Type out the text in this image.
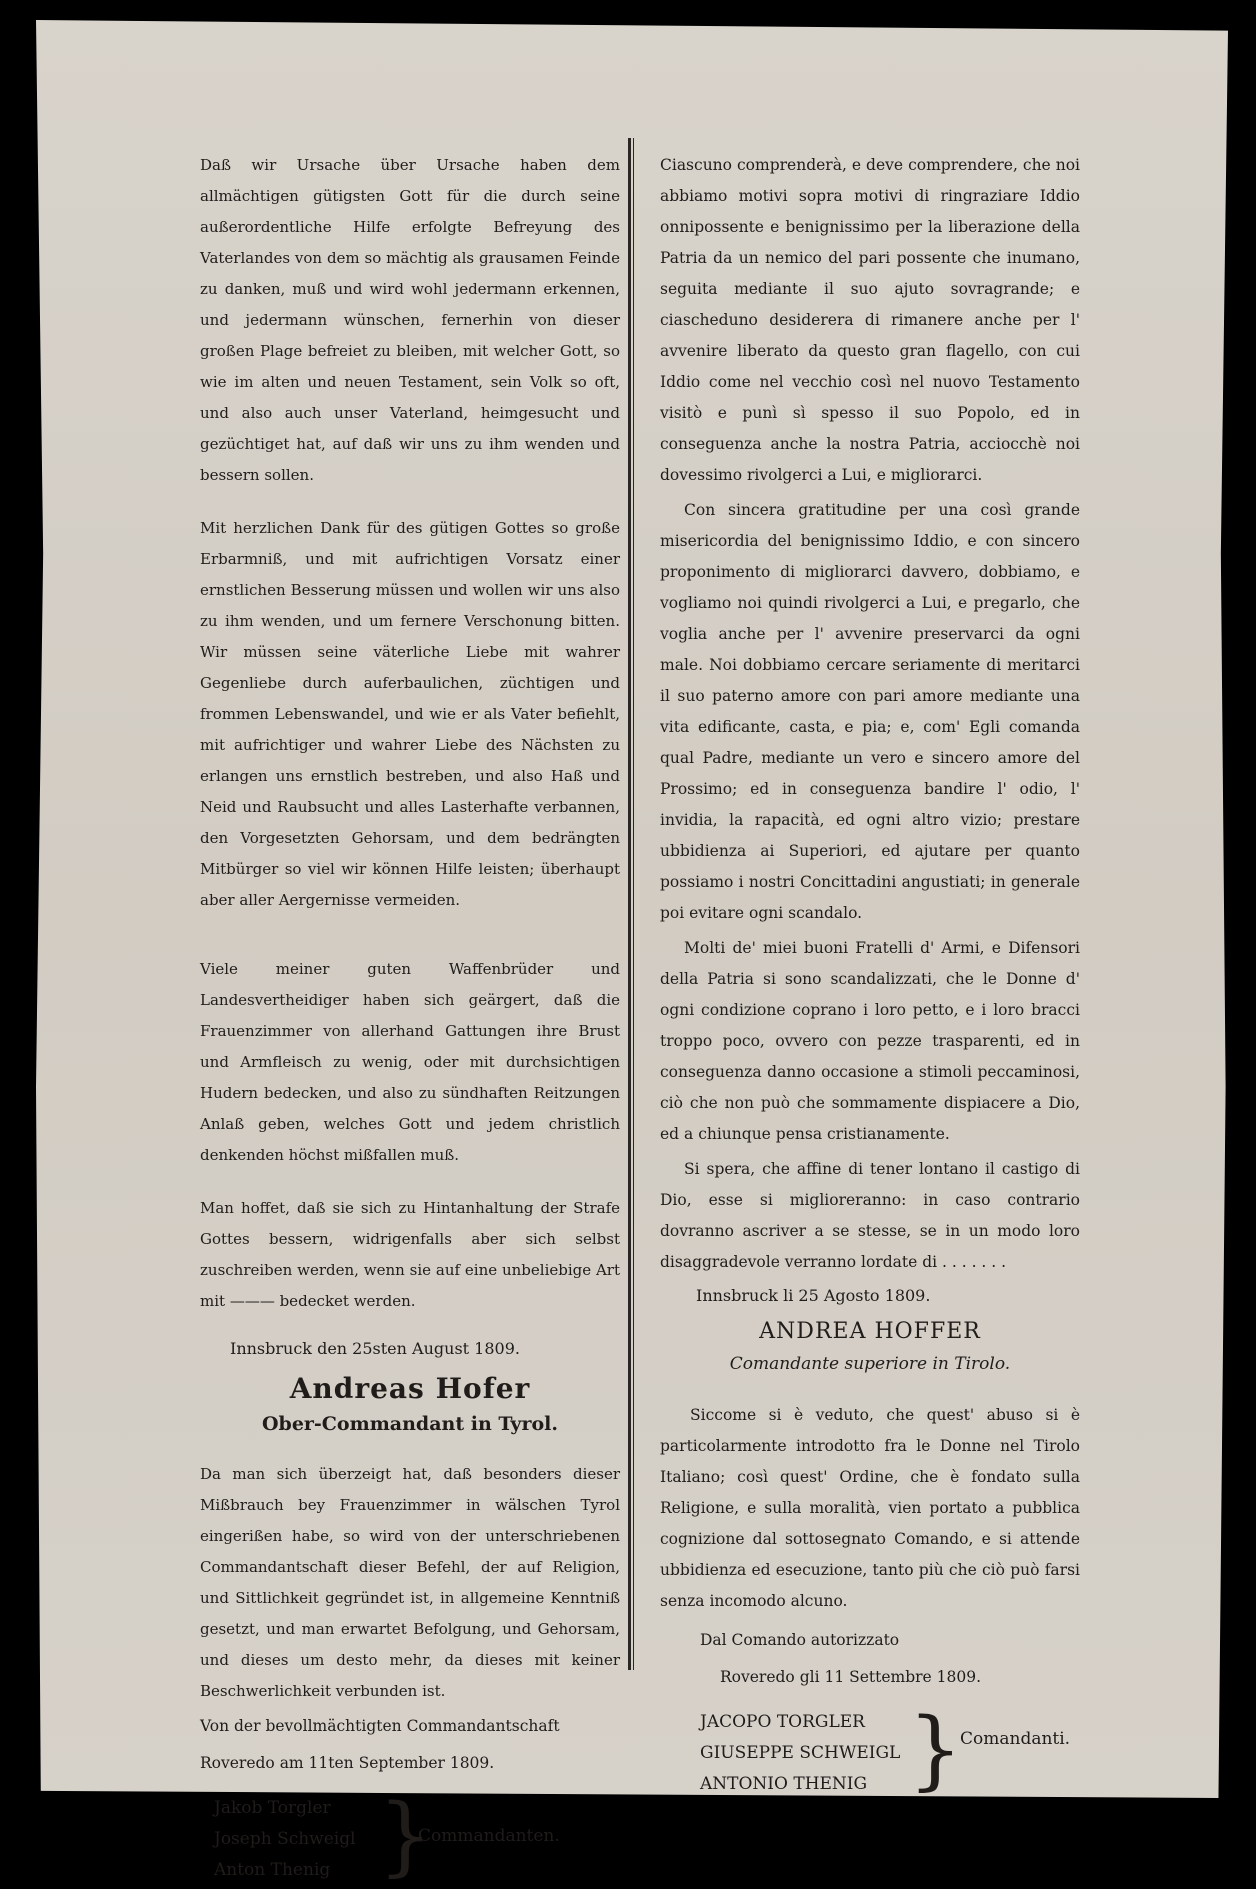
Daß wir Ursache über Ursache haben dem allmächtigen gütigsten Gott für die durch seine außerordentliche Hilfe erfolgte Befreyung des Vaterlandes von dem so mächtig als grausamen Feinde zu danken, muß und wird wohl jedermann erkennen, und jedermann wünschen, fernerhin von dieser großen Plage befreiet zu bleiben, mit welcher Gott, so wie im alten und neuen Testament, sein Volk so oft, und also auch unser Vaterland, heimgesucht und gezüchtiget hat, auf daß wir uns zu ihm wenden und bessern sollen.

Mit herzlichen Dank für des gütigen Gottes so große Erbarmniß, und mit aufrichtigen Vorsatz einer ernstlichen Besserung müssen und wollen wir uns also zu ihm wenden, und um fernere Verschonung bitten. Wir müssen seine väterliche Liebe mit wahrer Gegenliebe durch auferbaulichen, züchtigen und frommen Lebenswandel, und wie er als Vater befiehlt, mit aufrichtiger und wahrer Liebe des Nächsten zu erlangen uns ernstlich bestreben, und also Haß und Neid und Raubsucht und alles Lasterhafte verbannen, den Vorgesetzten Gehorsam, und dem bedrängten Mitbürger so viel wir können Hilfe leisten; überhaupt aber aller Aergernisse vermeiden.

Viele meiner guten Waffenbrüder und Landesvertheidiger haben sich geärgert, daß die Frauenzimmer von allerhand Gattungen ihre Brust und Armfleisch zu wenig, oder mit durchsichtigen Hudern bedecken, und also zu sündhaften Reitzungen Anlaß geben, welches Gott und jedem christlich denkenden höchst mißfallen muß.

Man hoffet, daß sie sich zu Hintanhaltung der Strafe Gottes bessern, widrigenfalls aber sich selbst zuschreiben werden, wenn sie auf eine unbeliebige Art mit ——— bedecket werden.

Innsbruck den 25sten August 1809.
Andreas Hofer
Ober-Commandant in Tyrol.

Da man sich überzeigt hat, daß besonders dieser Mißbrauch bey Frauenzimmer in wälschen Tyrol eingerißen habe, so wird von der unterschriebenen Commandantschaft dieser Befehl, der auf Religion, und Sittlichkeit gegründet ist, in allgemeine Kenntniß gesetzt, und man erwartet Befolgung, und Gehorsam, und dieses um desto mehr, da dieses mit keiner Beschwerlichkeit verbunden ist.

Von der bevollmächtigten Commandantschaft
Roveredo am 11ten September 1809.
Jakob Torgler
Joseph Schweigl
Anton Thenig }
Commandanten.

Ciascuno comprenderà, e deve comprendere, che noi abbiamo motivi sopra motivi di ringraziare Iddio onnipossente e benignissimo per la liberazione della Patria da un nemico del pari possente che inumano, seguita mediante il suo ajuto sovragrande; e ciascheduno desiderera di rimanere anche per l' avvenire liberato da questo gran flagello, con cui Iddio come nel vecchio così nel nuovo Testamento visitò e punì sì spesso il suo Popolo, ed in conseguenza anche la nostra Patria, acciocchè noi dovessimo rivolgerci a Lui, e migliorarci.

Con sincera gratitudine per una così grande misericordia del benignissimo Iddio, e con sincero proponimento di migliorarci davvero, dobbiamo, e vogliamo noi quindi rivolgerci a Lui, e pregarlo, che voglia anche per l' avvenire preservarci da ogni male. Noi dobbiamo cercare seriamente di meritarci il suo paterno amore con pari amore mediante una vita edificante, casta, e pia; e, com' Egli comanda qual Padre, mediante un vero e sincero amore del Prossimo; ed in conseguenza bandire l' odio, l' invidia, la rapacità, ed ogni altro vizio; prestare ubbidienza ai Superiori, ed ajutare per quanto possiamo i nostri Concittadini angustiati; in generale poi evitare ogni scandalo.

Molti de' miei buoni Fratelli d' Armi, e Difensori della Patria si sono scandalizzati, che le Donne d' ogni condizione coprano i loro petto, e i loro bracci troppo poco, ovvero con pezze trasparenti, ed in conseguenza danno occasione a stimoli peccaminosi, ciò che non può che sommamente dispiacere a Dio, ed a chiunque pensa cristianamente.

Si spera, che affine di tener lontano il castigo di Dio, esse si miglioreranno: in caso contrario dovranno ascriver a se stesse, se in un modo loro disaggradevole verranno lordate di . . . . . . .

Innsbruck li 25 Agosto 1809.
ANDREA HOFFER
Comandante superiore in Tirolo.

Siccome si è veduto, che quest' abuso si è particolarmente introdotto fra le Donne nel Tirolo Italiano; così quest' Ordine, che è fondato sulla Religione, e sulla moralità, vien portato a pubblica cognizione dal sottosegnato Comando, e si attende ubbidienza ed esecuzione, tanto più che ciò può farsi senza incomodo alcuno.

Dal Comando autorizzato
Roveredo gli 11 Settembre 1809.
JACOPO TORGLER
GIUSEPPE SCHWEIGL
ANTONIO THENIG }
Comandanti.
